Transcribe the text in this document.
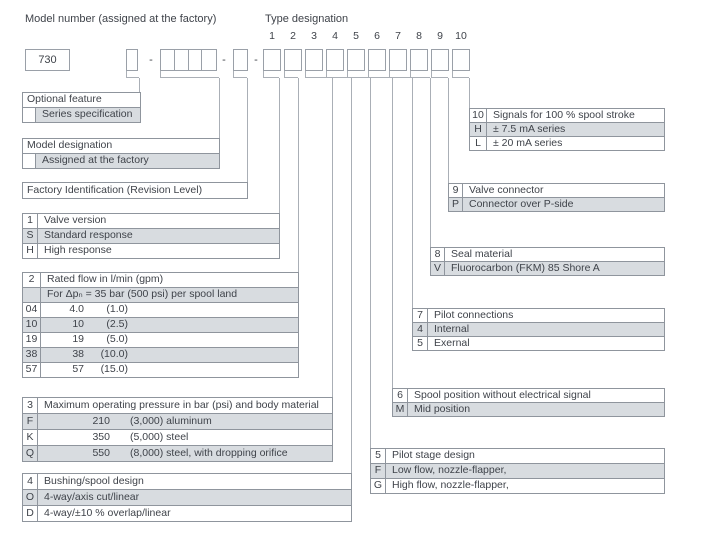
Model number (assigned at the factory)	Type designation
1	2	3	4	5	6	7	8	9	10
730	-	-	-
Optional feature
Series specification
Model designation
Assigned at the factory
Factory Identification (Revision Level)
1	Valve version
S	Standard response
H High response
2	Rated flow in l/min (gpm)
For Δpₙ = 35 bar (500 psi) per spool land
04	4.0	(1.0)
10	10	(2.5)
19	19	(5.0)
38	38	(10.0)
57	57	(15.0)
3	Maximum operating pressure in bar (psi) and body material
F	210	(3,000) aluminum
K	350	(5,000) steel
Q	550	(8,000) steel, with dropping orifice
4	Bushing/spool design
O 4-way/axis cut/linear
D 4-way/±10 % overlap/linear
10 Signals for 100 % spool stroke
H	± 7.5 mA series
L	± 20 mA series
9	Valve connector
P Connector over P-side
8	Seal material
V Fluorocarbon (FKM) 85 Shore A
7	Pilot connections
4	Internal
5	Exernal
6	Spool position without electrical signal
M Mid position
5	Pilot stage design
F	Low flow, nozzle-flapper,
G High flow, nozzle-flapper,
